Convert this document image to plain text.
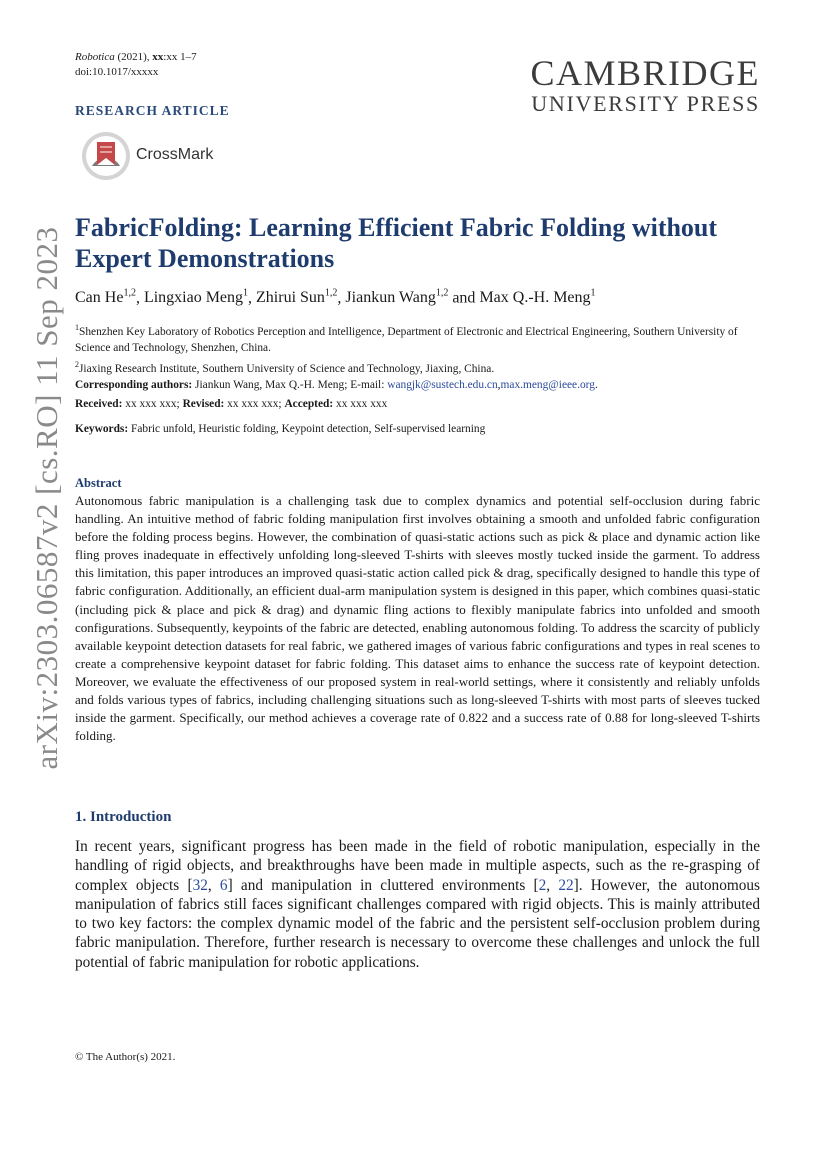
Robotica (2021), xx:xx 1–7
doi:10.1017/xxxxx
RESEARCH ARTICLE
CAMBRIDGE
UNIVERSITY PRESS
CrossMark
arXiv:2303.06587v2 [cs.RO] 11 Sep 2023 FabricFolding: Learning Efficient Fabric Folding without Expert Demonstrations
Can He$^{1,2}$, Lingxiao Meng$^1$, Zhirui Sun$^{1,2}$, Jiankun Wang$^{1,2}$ and Max Q.-H. Meng$^1$
$^1$Shenzhen Key Laboratory of Robotics Perception and Intelligence, Department of Electronic and Electrical Engineering, Southern University of Science and Technology, Shenzhen, China.
$^2$Jiaxing Research Institute, Southern University of Science and Technology, Jiaxing, China.
Corresponding authors: Jiankun Wang, Max Q.-H. Meng; E-mail: wangjk@sustech.edu.cn,max.meng@ieee.org.
Received: xx xxx xxx; Revised: xx xxx xxx; Accepted: xx xxx xxx
Keywords: Fabric unfold, Heuristic folding, Keypoint detection, Self-supervised learning
Abstract
Autonomous fabric manipulation is a challenging task due to complex dynamics and potential self-occlusion during fabric handling. An intuitive method of fabric folding manipulation first involves obtaining a smooth and unfolded fabric configuration before the folding process begins. However, the combination of quasi-static actions such as pick & place and dynamic action like fling proves inadequate in effectively unfolding long-sleeved T-shirts with sleeves mostly tucked inside the garment. To address this limitation, this paper introduces an improved quasi-static action called pick & drag, specifically designed to handle this type of fabric configuration. Additionally, an efficient dual-arm manipulation system is designed in this paper, which combines quasi-static (including pick & place and pick & drag) and dynamic fling actions to flexibly manipulate fabrics into unfolded and smooth configurations. Subsequently, keypoints of the fabric are detected, enabling autonomous folding. To address the scarcity of publicly available keypoint detection datasets for real fabric, we gathered images of various fabric configurations and types in real scenes to create a comprehensive keypoint dataset for fabric folding. This dataset aims to enhance the success rate of keypoint detection. Moreover, we evaluate the effectiveness of our proposed system in real-world settings, where it consistently and reliably unfolds and folds various types of fabrics, including challenging situations such as long-sleeved T-shirts with most parts of sleeves tucked inside the garment. Specifically, our method achieves a coverage rate of 0.822 and a success rate of 0.88 for long-sleeved T-shirts folding.
1. Introduction
In recent years, significant progress has been made in the field of robotic manipulation, especially in the handling of rigid objects, and breakthroughs have been made in multiple aspects, such as the re-grasping of complex objects [32, 6] and manipulation in cluttered environments [2, 22]. However, the autonomous manipulation of fabrics still faces significant challenges compared with rigid objects. This is mainly attributed to two key factors: the complex dynamic model of the fabric and the persistent self-occlusion problem during fabric manipulation. Therefore, further research is necessary to overcome these challenges and unlock the full potential of fabric manipulation for robotic applications.
© The Author(s) 2021.
